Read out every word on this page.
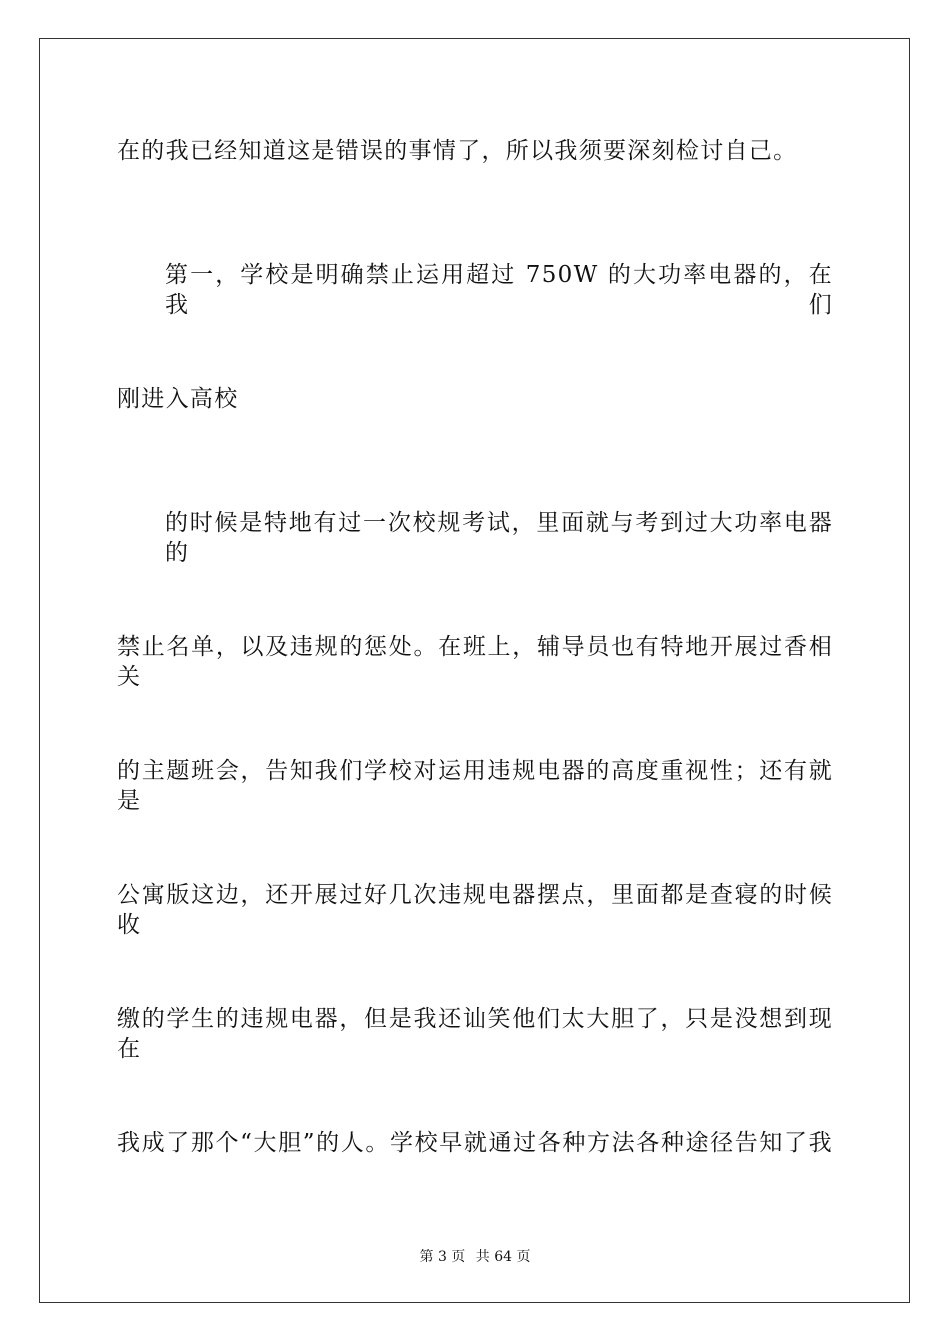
在的我已经知道这是错误的事情了，所以我须要深刻检讨自己。
第一，学校是明确禁止运用超过 750W 的大功率电器的，在我们
刚进入高校
的时候是特地有过一次校规考试，里面就与考到过大功率电器的
禁止名单，以及违规的惩处。在班上，辅导员也有特地开展过香相关
的主题班会，告知我们学校对运用违规电器的高度重视性；还有就是
公寓版这边，还开展过好几次违规电器摆点，里面都是查寝的时候收
缴的学生的违规电器，但是我还讪笑他们太大胆了，只是没想到现在
我成了那个“大胆”的人。学校早就通过各种方法各种途径告知了我
第 3 页 共 64 页
